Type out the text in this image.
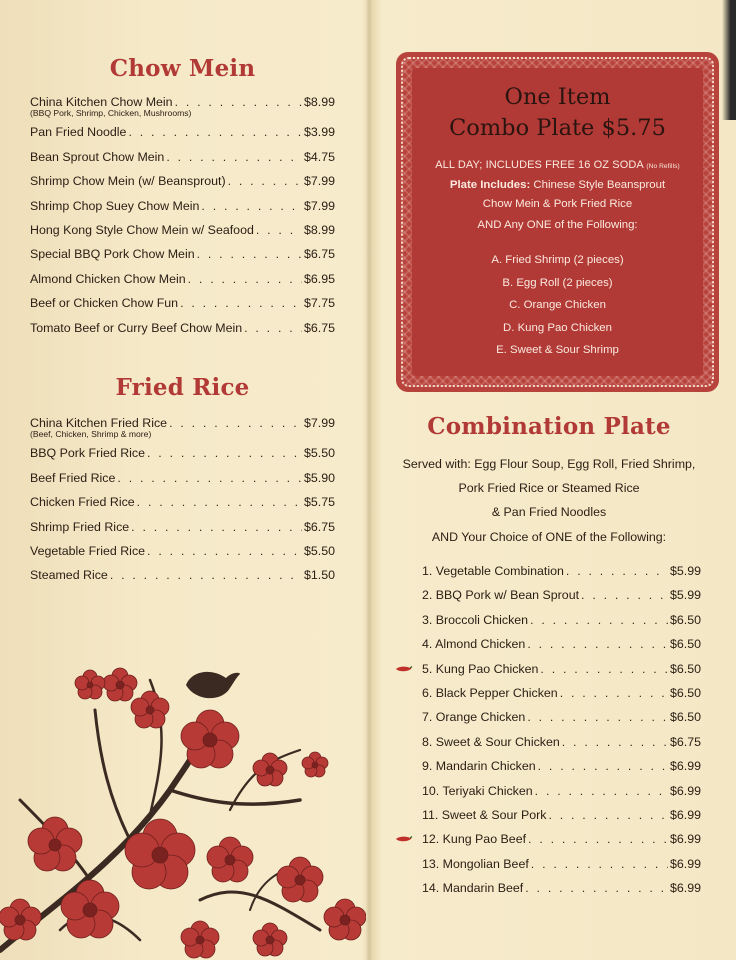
Chow Mein
China Kitchen Chow Mein . . .	$8.99
(BBQ Pork, Shrimp, Chicken, Mushrooms)
Pan Fried Noodle . . .	$3.99
Bean Sprout Chow Mein . . .	$4.75
Shrimp Chow Mein (w/ Beansprout) . . .	$7.99
Shrimp Chop Suey Chow Mein . . .	$7.99
Hong Kong Style Chow Mein w/ Seafood . . .	$8.99
Special BBQ Pork Chow Mein . . .	$6.75
Almond Chicken Chow Mein . . .	$6.95
Beef or Chicken Chow Fun . . .	$7.75
Tomato Beef or Curry Beef Chow Mein . . .	$6.75
Fried Rice
China Kitchen Fried Rice . . .	$7.99
(Beef, Chicken, Shrimp & more)
BBQ Pork Fried Rice . . .	$5.50
Beef Fried Rice . . .	$5.90
Chicken Fried Rice . . .	$5.75
Shrimp Fried Rice . . .	$6.75
Vegetable Fried Rice . . .	$5.50
Steamed Rice . . .	$1.50
One Item
Combo Plate $5.75
ALL DAY; INCLUDES FREE 16 OZ SODA (No Refills)
Plate Includes: Chinese Style Beansprout
Chow Mein & Pork Fried Rice
AND Any ONE of the Following:
A. Fried Shrimp (2 pieces)
B. Egg Roll (2 pieces)
C. Orange Chicken
D. Kung Pao Chicken
E. Sweet & Sour Shrimp
Combination Plate
Served with: Egg Flour Soup, Egg Roll, Fried Shrimp,
Pork Fried Rice or Steamed Rice
& Pan Fried Noodles
AND Your Choice of ONE of the Following:
1. Vegetable Combination . . .	$5.99
2. BBQ Pork w/ Bean Sprout . . .	$5.99
3. Broccoli Chicken . . .	$6.50
4. Almond Chicken . . .	$6.50
5. Kung Pao Chicken . . .	$6.50
6. Black Pepper Chicken . . .	$6.50
7. Orange Chicken . . .	$6.50
8. Sweet & Sour Chicken . . .	$6.75
9. Mandarin Chicken . . .	$6.99
10. Teriyaki Chicken . . .	$6.99
11. Sweet & Sour Pork . . .	$6.99
12. Kung Pao Beef . . .	$6.99
13. Mongolian Beef . . .	$6.99
14. Mandarin Beef . . .	$6.99
